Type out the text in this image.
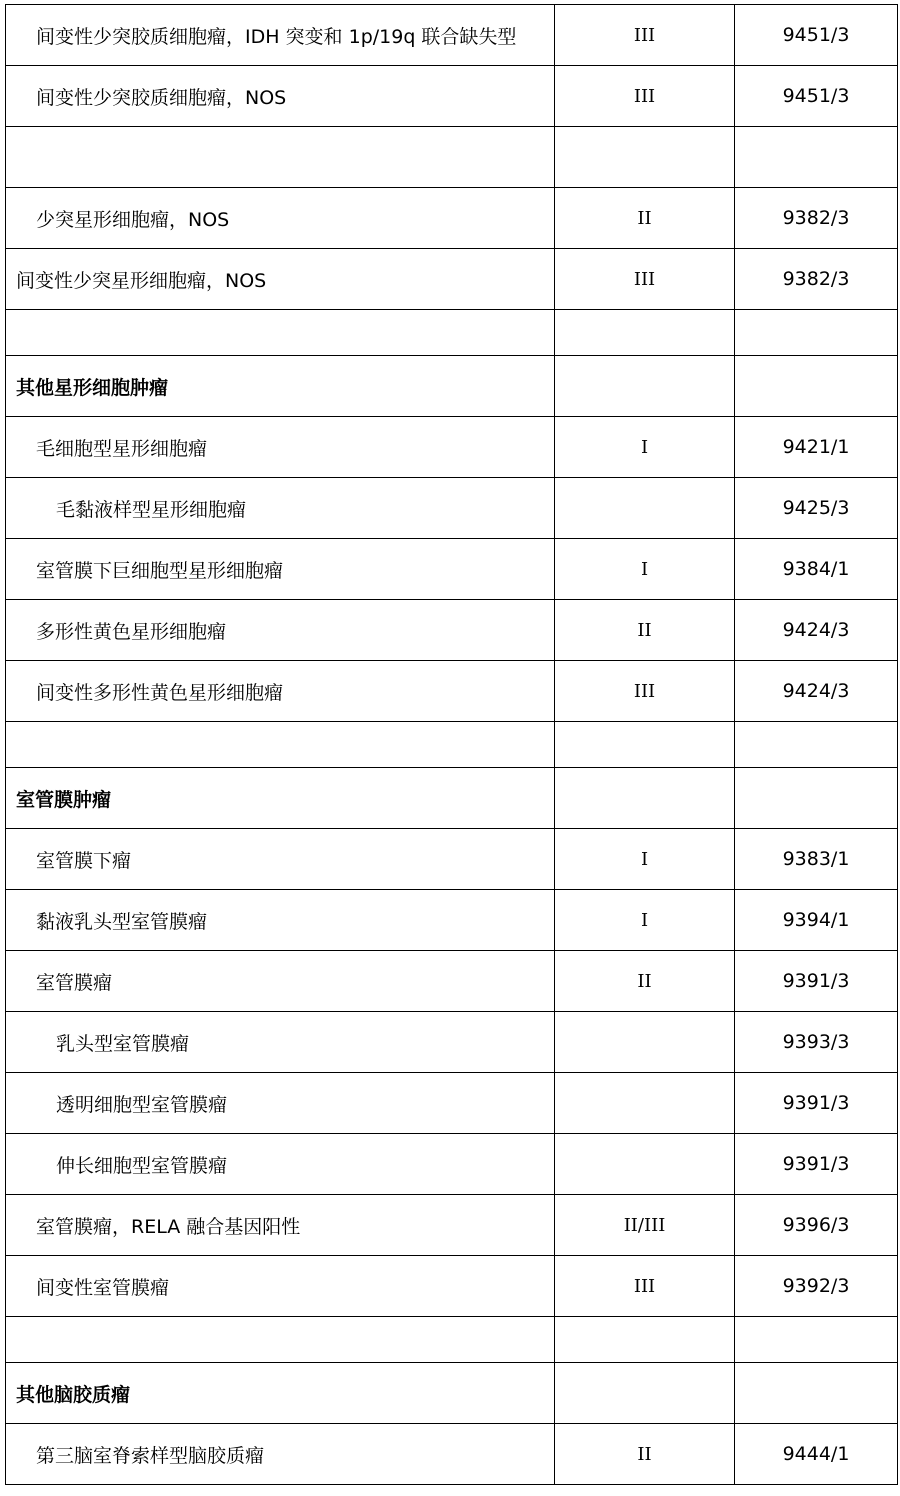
间变性少突胶质细胞瘤，IDH 突变和 1p/19q 联合缺失型	III	9451/3
间变性少突胶质细胞瘤，NOS	III	9451/3

少突星形细胞瘤，NOS	II	9382/3
间变性少突星形细胞瘤，NOS	III	9382/3

其他星形细胞肿瘤		
毛细胞型星形细胞瘤	I	9421/1
毛黏液样型星形细胞瘤		9425/3
室管膜下巨细胞型星形细胞瘤	I	9384/1
多形性黄色星形细胞瘤	II	9424/3
间变性多形性黄色星形细胞瘤	III	9424/3

室管膜肿瘤		
室管膜下瘤	I	9383/1
黏液乳头型室管膜瘤	I	9394/1
室管膜瘤	II	9391/3
乳头型室管膜瘤		9393/3
透明细胞型室管膜瘤		9391/3
伸长细胞型室管膜瘤		9391/3
室管膜瘤，RELA 融合基因阳性	II/III	9396/3
间变性室管膜瘤	III	9392/3

其他脑胶质瘤		
第三脑室脊索样型脑胶质瘤	II	9444/1
